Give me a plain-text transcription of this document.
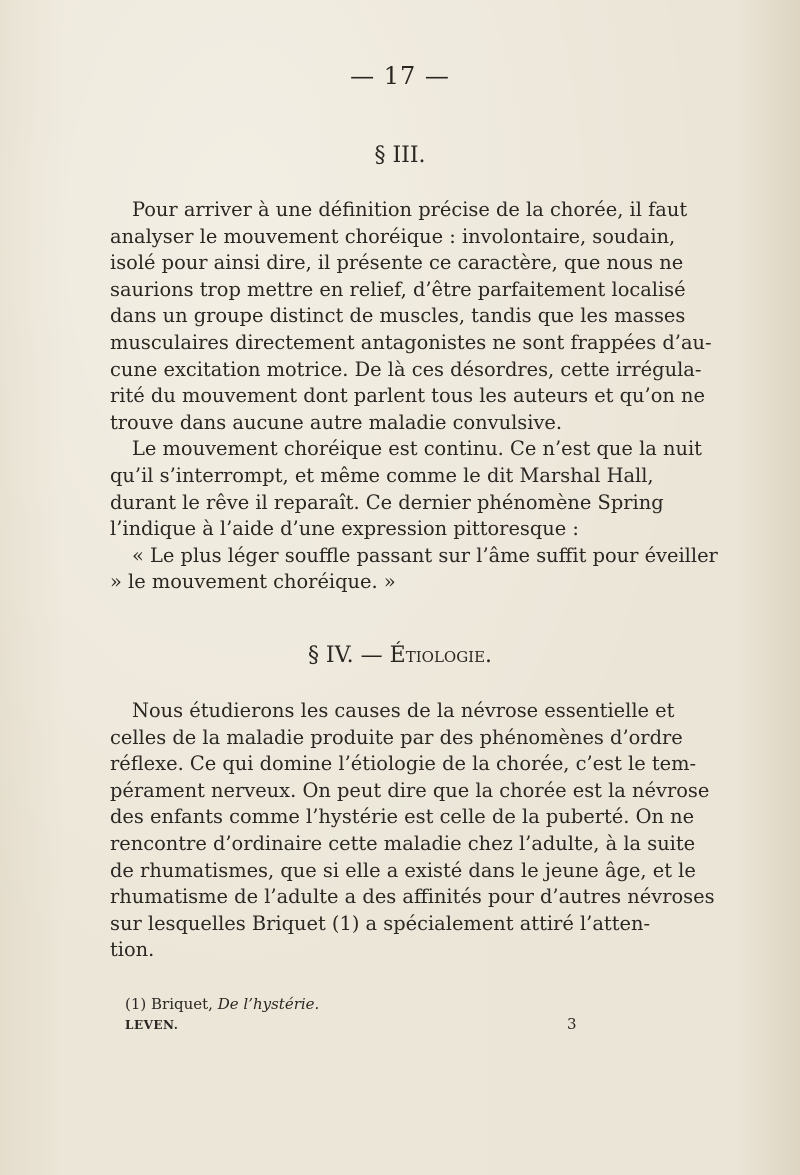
— 17 —
§ III.
Pour arriver à une définition précise de la chorée, il faut
analyser le mouvement choréique : involontaire, soudain,
isolé pour ainsi dire, il présente ce caractère, que nous ne
saurions trop mettre en relief, d’être parfaitement localisé
dans un groupe distinct de muscles, tandis que les masses
musculaires directement antagonistes ne sont frappées d’au-
cune excitation motrice. De là ces désordres, cette irrégula-
rité du mouvement dont parlent tous les auteurs et qu’on ne
trouve dans aucune autre maladie convulsive.
Le mouvement choréique est continu. Ce n’est que la nuit
qu’il s’interrompt, et même comme le dit Marshal Hall,
durant le rêve il reparaît. Ce dernier phénomène Spring
l’indique à l’aide d’une expression pittoresque :
« Le plus léger souffle passant sur l’âme suffit pour éveiller
» le mouvement choréique. »
§ IV. — Étiologie.
Nous étudierons les causes de la névrose essentielle et
celles de la maladie produite par des phénomènes d’ordre
réflexe. Ce qui domine l’étiologie de la chorée, c’est le tem-
pérament nerveux. On peut dire que la chorée est la névrose
des enfants comme l’hystérie est celle de la puberté. On ne
rencontre d’ordinaire cette maladie chez l’adulte, à la suite
de rhumatismes, que si elle a existé dans le jeune âge, et le
rhumatisme de l’adulte a des affinités pour d’autres névroses
sur lesquelles Briquet (1) a spécialement attiré l’atten-
tion.
(1) Briquet, De l’hystérie.
LEVEN.	3
